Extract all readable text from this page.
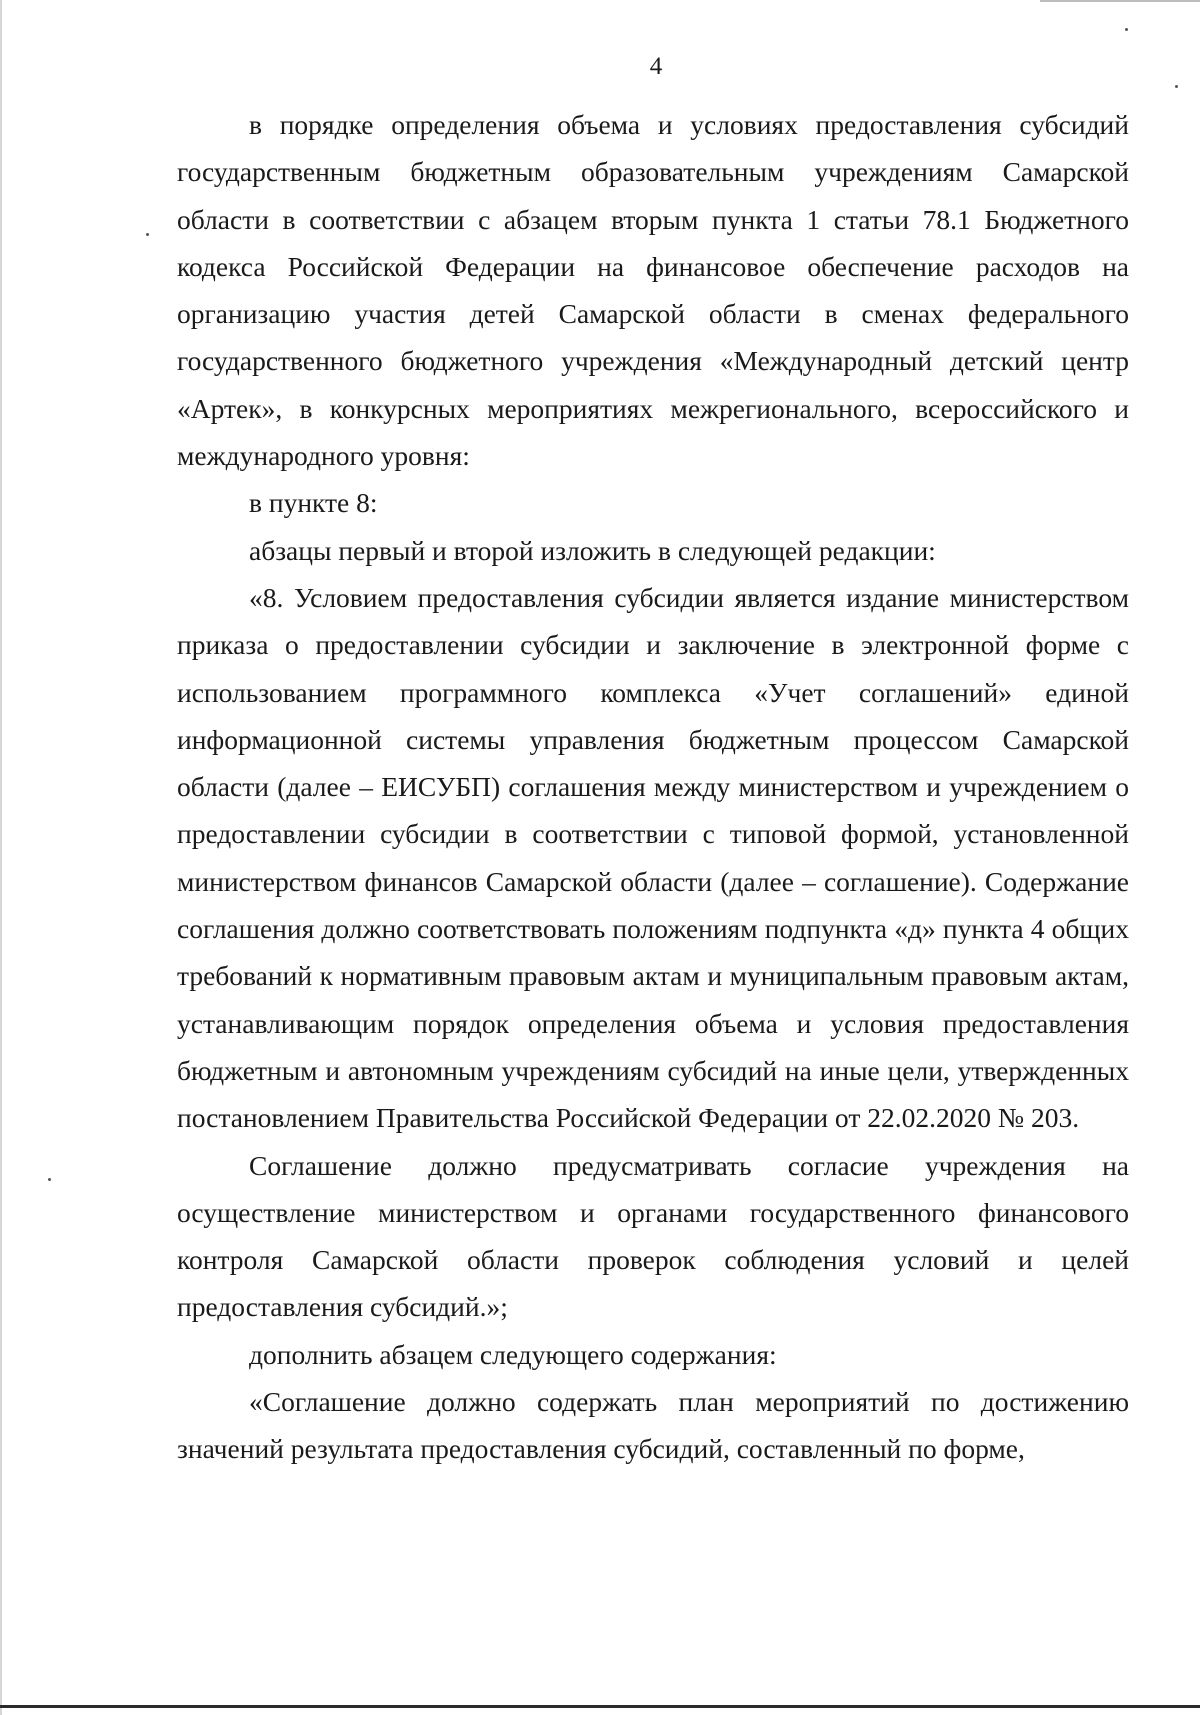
4

в порядке определения объема и условиях предоставления субсидий государственным бюджетным образовательным учреждениям Самарской области в соответствии с абзацем вторым пункта 1 статьи 78.1 Бюджетного кодекса Российской Федерации на финансовое обеспечение расходов на организацию участия детей Самарской области в сменах федерального государственного бюджетного учреждения «Международный детский центр «Артек», в конкурсных мероприятиях межрегионального, всероссийского и международного уровня:

в пункте 8:

абзацы первый и второй изложить в следующей редакции:

«8. Условием предоставления субсидии является издание министерством приказа о предоставлении субсидии и заключение в электронной форме с использованием программного комплекса «Учет соглашений» единой информационной системы управления бюджетным процессом Самарской области (далее – ЕИСУБП) соглашения между министерством и учреждением о предоставлении субсидии в соответствии с типовой формой, установленной министерством финансов Самарской области (далее – соглашение). Содержание соглашения должно соответствовать положениям подпункта «д» пункта 4 общих требований к нормативным правовым актам и муниципальным правовым актам, устанавливающим порядок определения объема и условия предоставления бюджетным и автономным учреждениям субсидий на иные цели, утвержденных постановлением Правительства Российской Федерации от 22.02.2020 № 203.

Соглашение должно предусматривать согласие учреждения на осуществление министерством и органами государственного финансового контроля Самарской области проверок соблюдения условий и целей предоставления субсидий.»;

дополнить абзацем следующего содержания:

«Соглашение должно содержать план мероприятий по достижению значений результата предоставления субсидий, составленный по форме,
